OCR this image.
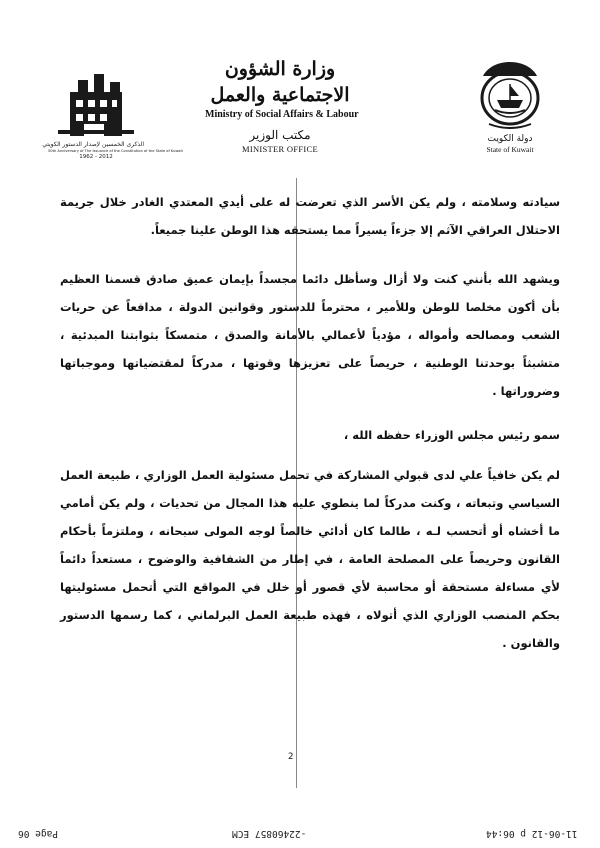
الذكرى الخمسين لإصدار الدستور الكويتي
50th Anniversary of The Issuance of the Constitution of the State of Kuwait
1962 - 2012
وزارة الشؤون الاجتماعية والعمل
Ministry of Social Affairs & Labour
مكتب الوزير
MINISTER OFFICE
دولة الكويت
State of Kuwait

سيادته وسلامته ، ولم يكن الأسر الذي تعرضت له على أيدي المعتدي الغادر خلال جريمة الاحتلال العراقي الآثم إلا جزءاً يسيراً مما يستحقه هذا الوطن علينا جميعاً.

ويشهد الله بأنني كنت ولا أزال وسأظل دائما مجسداً بإيمان عميق صادق قسمنا العظيم بأن أكون مخلصا للوطن وللأمير ، محترماً للدستور وقوانين الدولة ، مدافعاً عن حريات الشعب ومصالحه وأمواله ، مؤدياً لأعمالي بالأمانة والصدق ، متمسكاً بثوابتنا المبدئية ، متشبثاً بوحدتنا الوطنية ، حريصاً على تعزيزها وقوتها ، مدركاً لمقتضياتها وموجباتها وضروراتها .

سمو رئيس مجلس الوزراء حفظه الله ،

لم يكن خافياً علي لدى قبولي المشاركة في تحمل مسئولية العمل الوزاري ، طبيعة العمل السياسي وتبعاته ، وكنت مدركاً لما ينطوي عليه هذا المجال من تحديات ، ولم يكن أمامي ما أخشاه أو أتحسب لـه ، طالما كان أدائي خالصاً لوجه المولى سبحانه ، وملتزماً بأحكام القانون وحريصاً على المصلحة العامة ، في إطار من الشفافية والوضوح ، مستعداً دائماً لأي مساءلة مستحقة أو محاسبة لأي قصور أو خلل في المواقع التي أتحمل مسئوليتها بحكم المنصب الوزاري الذي أتولاه ، فهذه طبيعة العمل البرلماني ، كما رسمها الدستور والقانون .

2
Page 06	-22460857 ECM	11-06-12 p 06:44
